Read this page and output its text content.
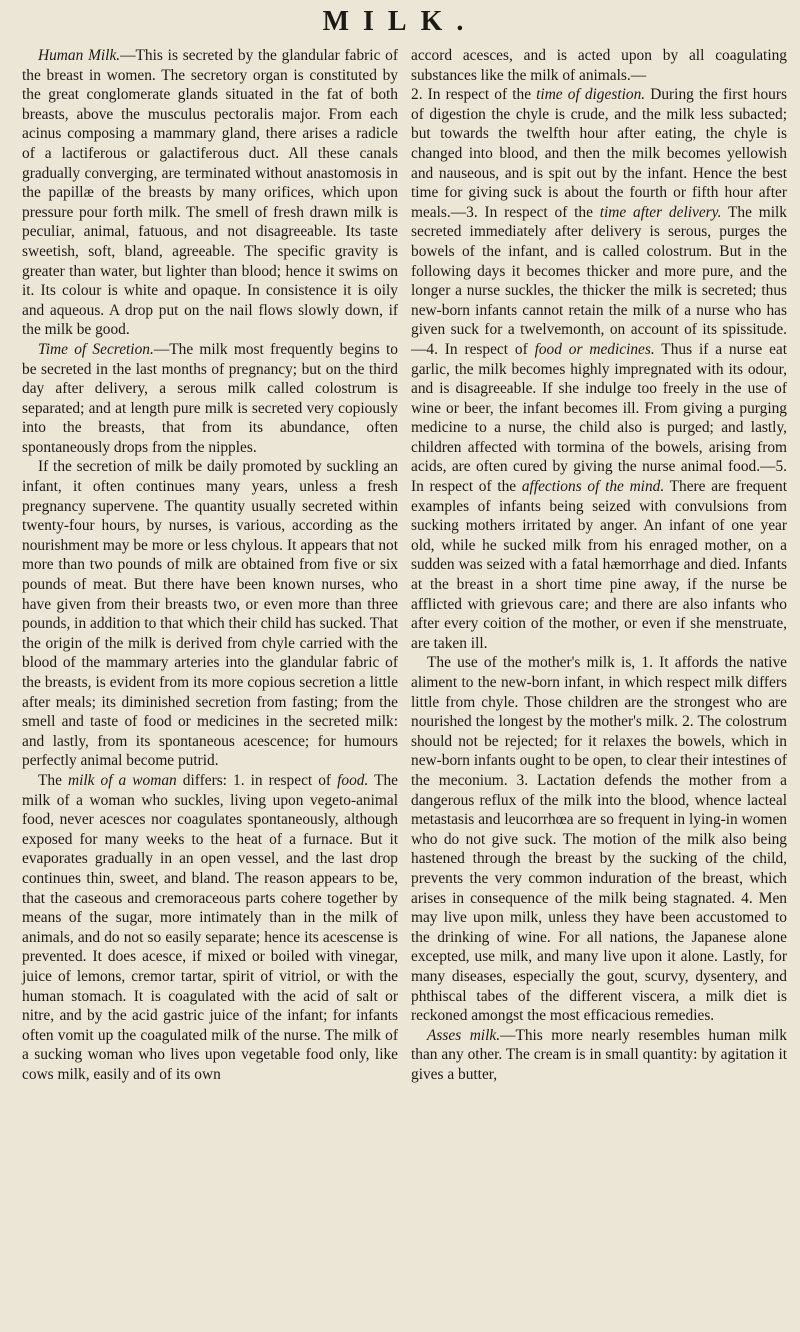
MILK.

Human Milk.—This is secreted by the glandular fabric of the breast in women. The secretory organ is constituted by the great conglomerate glands situated in the fat of both breasts, above the musculus pectoralis major. From each acinus composing a mammary gland, there arises a radicle of a lactiferous or galactiferous duct. All these canals gradually converging, are terminated without anastomosis in the papillæ of the breasts by many orifices, which upon pressure pour forth milk. The smell of fresh drawn milk is peculiar, animal, fatuous, and not disagreeable. Its taste sweetish, soft, bland, agreeable. The specific gravity is greater than water, but lighter than blood; hence it swims on it. Its colour is white and opaque. In consistence it is oily and aqueous. A drop put on the nail flows slowly down, if the milk be good.

Time of Secretion.—The milk most frequently begins to be secreted in the last months of pregnancy; but on the third day after delivery, a serous milk called colostrum is separated; and at length pure milk is secreted very copiously into the breasts, that from its abundance, often spontaneously drops from the nipples.

If the secretion of milk be daily promoted by suckling an infant, it often continues many years, unless a fresh pregnancy supervene. The quantity usually secreted within twenty-four hours, by nurses, is various, according as the nourishment may be more or less chylous. It appears that not more than two pounds of milk are obtained from five or six pounds of meat. But there have been known nurses, who have given from their breasts two, or even more than three pounds, in addition to that which their child has sucked. That the origin of the milk is derived from chyle carried with the blood of the mammary arteries into the glandular fabric of the breasts, is evident from its more copious secretion a little after meals; its diminished secretion from fasting; from the smell and taste of food or medicines in the secreted milk: and lastly, from its spontaneous acescence; for humours perfectly animal become putrid.

The milk of a woman differs: 1. in respect of food. The milk of a woman who suckles, living upon vegeto-animal food, never acesces nor coagulates spontaneously, although exposed for many weeks to the heat of a furnace. But it evaporates gradually in an open vessel, and the last drop continues thin, sweet, and bland. The reason appears to be, that the caseous and cremoraceous parts cohere together by means of the sugar, more intimately than in the milk of animals, and do not so easily separate; hence its acescense is prevented. It does acesce, if mixed or boiled with vinegar, juice of lemons, cremor tartar, spirit of vitriol, or with the human stomach. It is coagulated with the acid of salt or nitre, and by the acid gastric juice of the infant; for infants often vomit up the coagulated milk of the nurse. The milk of a sucking woman who lives upon vegetable food only, like cows milk, easily and of its own

accord acesces, and is acted upon by all coagulating substances like the milk of animals.—

2. In respect of the time of digestion. During the first hours of digestion the chyle is crude, and the milk less subacted; but towards the twelfth hour after eating, the chyle is changed into blood, and then the milk becomes yellowish and nauseous, and is spit out by the infant. Hence the best time for giving suck is about the fourth or fifth hour after meals.—3. In respect of the time after delivery. The milk secreted immediately after delivery is serous, purges the bowels of the infant, and is called colostrum. But in the following days it becomes thicker and more pure, and the longer a nurse suckles, the thicker the milk is secreted; thus new-born infants cannot retain the milk of a nurse who has given suck for a twelvemonth, on account of its spissitude.—4. In respect of food or medicines. Thus if a nurse eat garlic, the milk becomes highly impregnated with its odour, and is disagreeable. If she indulge too freely in the use of wine or beer, the infant becomes ill. From giving a purging medicine to a nurse, the child also is purged; and lastly, children affected with tormina of the bowels, arising from acids, are often cured by giving the nurse animal food.—5. In respect of the affections of the mind. There are frequent examples of infants being seized with convulsions from sucking mothers irritated by anger. An infant of one year old, while he sucked milk from his enraged mother, on a sudden was seized with a fatal hæmorrhage and died. Infants at the breast in a short time pine away, if the nurse be afflicted with grievous care; and there are also infants who after every coition of the mother, or even if she menstruate, are taken ill.

The use of the mother's milk is, 1. It affords the native aliment to the new-born infant, in which respect milk differs little from chyle. Those children are the strongest who are nourished the longest by the mother's milk. 2. The colostrum should not be rejected; for it relaxes the bowels, which in new-born infants ought to be open, to clear their intestines of the meconium. 3. Lactation defends the mother from a dangerous reflux of the milk into the blood, whence lacteal metastasis and leucorrhœa are so frequent in lying-in women who do not give suck. The motion of the milk also being hastened through the breast by the sucking of the child, prevents the very common induration of the breast, which arises in consequence of the milk being stagnated. 4. Men may live upon milk, unless they have been accustomed to the drinking of wine. For all nations, the Japanese alone excepted, use milk, and many live upon it alone. Lastly, for many diseases, especially the gout, scurvy, dysentery, and phthiscal tabes of the different viscera, a milk diet is reckoned amongst the most efficacious remedies.

Asses milk.—This more nearly resembles human milk than any other. The cream is in small quantity: by agitation it gives a butter,
